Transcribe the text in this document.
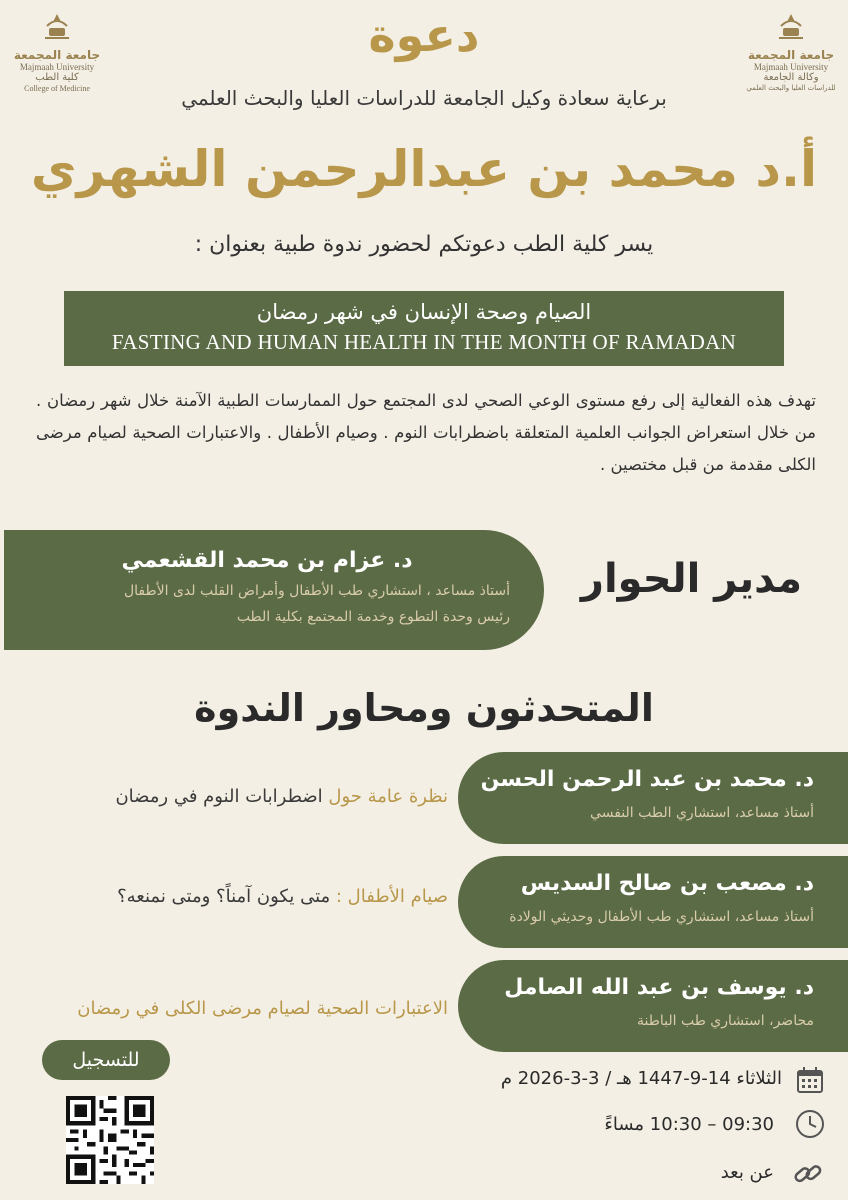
جامعة المجمعة
Majmaah University
كلية الطب
College of Medicine
جامعة المجمعة
Majmaah University
وكالة الجامعة
للدراسات العليا والبحث العلمي
دعوة
برعاية سعادة وكيل الجامعة للدراسات العليا والبحث العلمي
أ.د محمد بن عبدالرحمن الشهري
يسر كلية الطب دعوتكم لحضور ندوة طبية بعنوان :
الصيام وصحة الإنسان في شهر رمضان
FASTING AND HUMAN HEALTH IN THE MONTH OF RAMADAN
تهدف هذه الفعالية إلى رفع مستوى الوعي الصحي لدى المجتمع حول الممارسات الطبية الآمنة خلال شهر رمضان . من خلال استعراض الجوانب العلمية المتعلقة باضطرابات النوم . وصيام الأطفال . والاعتبارات الصحية لصيام مرضى الكلى مقدمة من قبل مختصين .
د. عزام بن محمد القشعمي
أستاذ مساعد ، استشاري طب الأطفال وأمراض القلب لدى الأطفال
رئيس وحدة التطوع وخدمة المجتمع بكلية الطب
مدير الحوار
المتحدثون ومحاور الندوة
د. محمد بن عبد الرحمن الحسن
أستاذ مساعد، استشاري الطب النفسي
نظرة عامة حول اضطرابات النوم في رمضان
د. مصعب بن صالح السديس
أستاذ مساعد، استشاري طب الأطفال وحديثي الولادة
صيام الأطفال : متى يكون آمناً؟ ومتى نمنعه؟
د. يوسف بن عبد الله الصامل
محاضر، استشاري طب الباطنة
الاعتبارات الصحية لصيام مرضى الكلى في رمضان
للتسجيل
الثلاثاء 14-9-1447 هـ / 3-3-2026 م
09:30 – 10:30 مساءً
عن بعد
